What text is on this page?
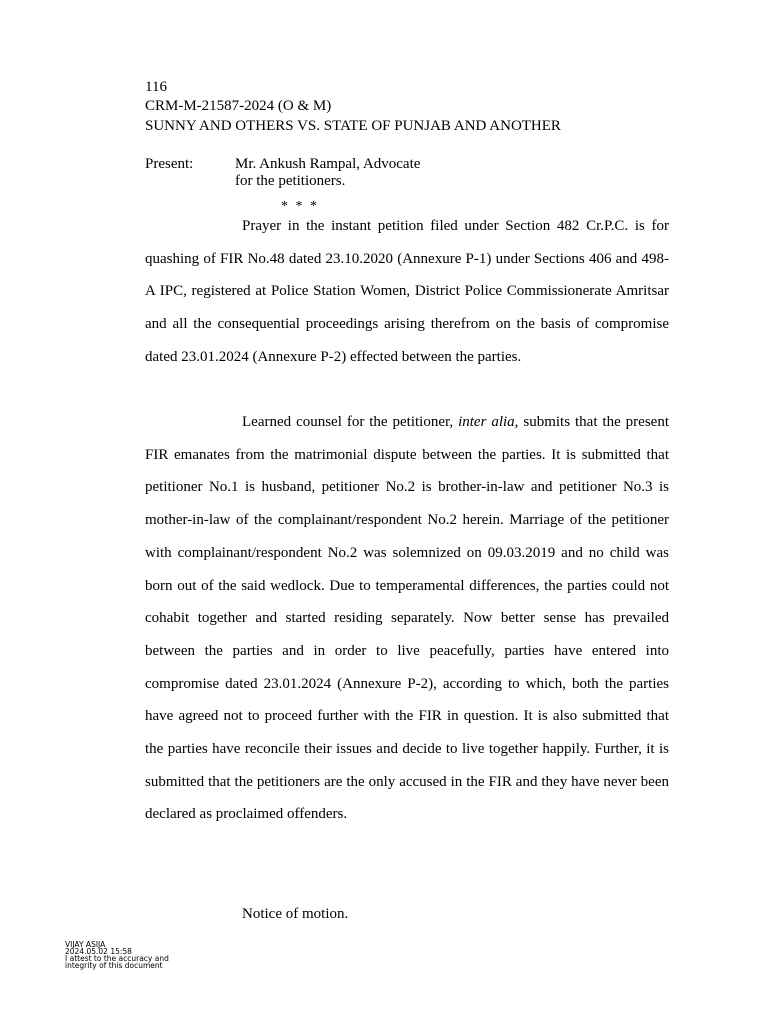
116
CRM-M-21587-2024 (O & M)
SUNNY AND OTHERS VS. STATE OF PUNJAB AND ANOTHER
Present:	Mr. Ankush Rampal, Advocate
for the petitioners.
* * *

Prayer in the instant petition filed under Section 482 Cr.P.C. is for quashing of FIR No.48 dated 23.10.2020 (Annexure P-1) under Sections 406 and 498-A IPC, registered at Police Station Women, District Police Commissionerate Amritsar and all the consequential proceedings arising therefrom on the basis of compromise dated 23.01.2024 (Annexure P-2) effected between the parties.

Learned counsel for the petitioner, inter alia, submits that the present FIR emanates from the matrimonial dispute between the parties. It is submitted that petitioner No.1 is husband, petitioner No.2 is brother-in-law and petitioner No.3 is mother-in-law of the complainant/respondent No.2 herein. Marriage of the petitioner with complainant/respondent No.2 was solemnized on 09.03.2019 and no child was born out of the said wedlock. Due to temperamental differences, the parties could not cohabit together and started residing separately. Now better sense has prevailed between the parties and in order to live peacefully, parties have entered into compromise dated 23.01.2024 (Annexure P-2), according to which, both the parties have agreed not to proceed further with the FIR in question. It is also submitted that the parties have reconcile their issues and decide to live together happily. Further, it is submitted that the petitioners are the only accused in the FIR and they have never been declared as proclaimed offenders.

Notice of motion.
VIJAY ASIJA
2024.05.02 15:58
I attest to the accuracy and
integrity of this document
